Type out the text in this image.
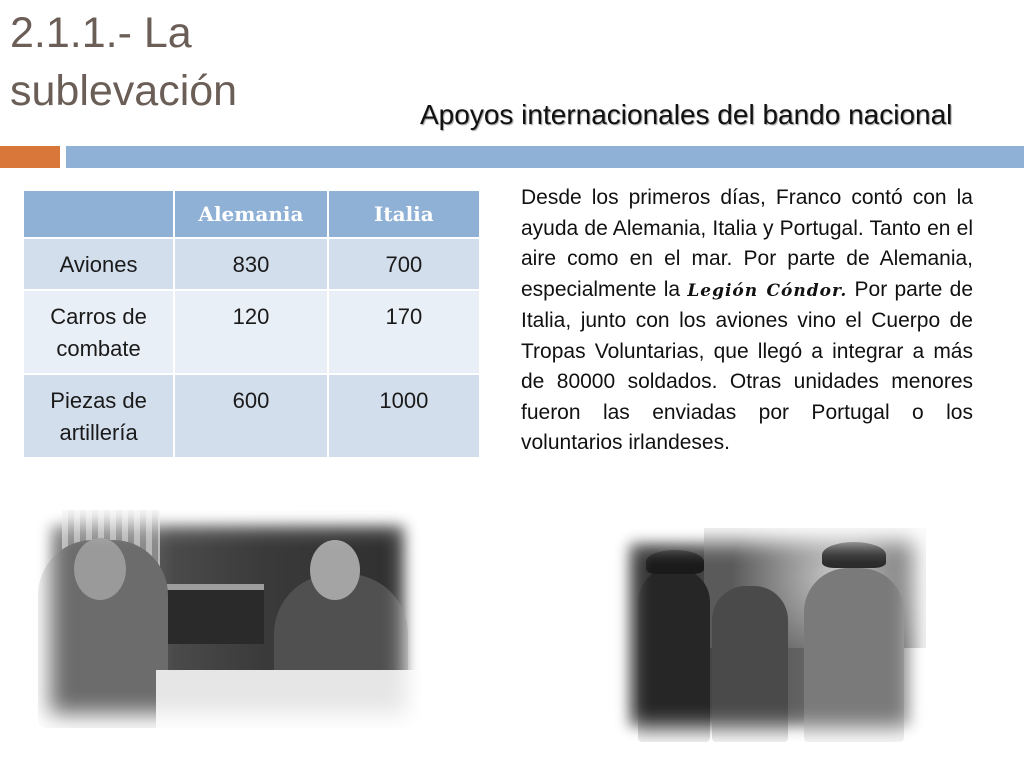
2.1.1.- La sublevación	Apoyos internacionales del bando nacional
	Alemania	Italia
Aviones	830	700
Carros de combate	120	170
Piezas de artillería	600	1000

Desde los primeros días, Franco contó con la ayuda de Alemania, Italia y Portugal. Tanto en el aire como en el mar. Por parte de Alemania, especialmente la Legión Cóndor. Por parte de Italia, junto con los aviones vino el Cuerpo de Tropas Voluntarias, que llegó a integrar a más de 80000 soldados. Otras unidades menores fueron las enviadas por Portugal o los voluntarios irlandeses.
